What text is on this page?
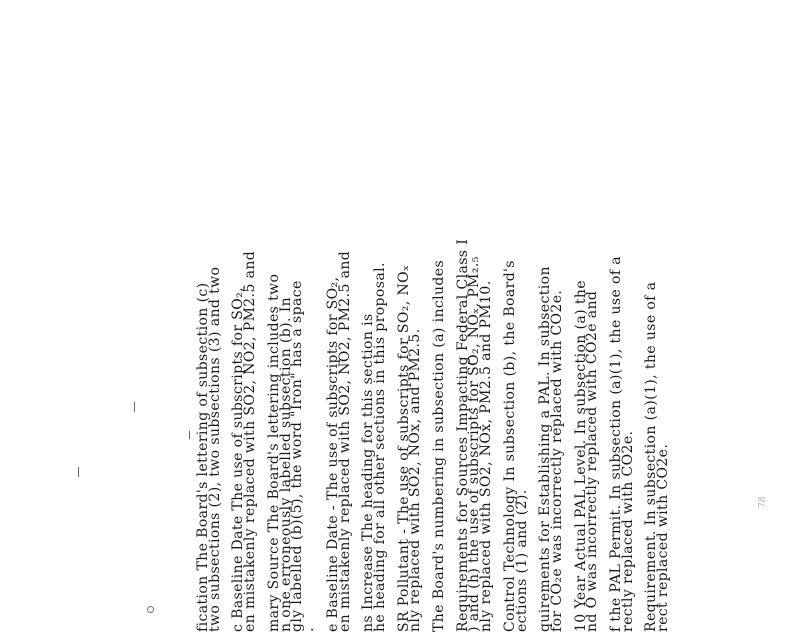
78
fication The Board's lettering of subsection (c)
two subsections (2), two subsections (3) and two c Baseline Date The use of subscripts for SO₂,
en mistakenly replaced with SO2, NO2, PM2.5 and mary Source The Board's lettering includes two
n one erroneously labelled subsection (b). In
gly labelled (b)(5), the word "Iron" has a space
. e Baseline Date - The use of subscripts for SO₂,
en mistakenly replaced with SO2, NO2, PM2.5 and ns Increase The heading for this section is
he heading for all other sections in this proposal. SR Pollutant - The use of subscripts for SO₂, NOₓ
nly replaced with SO2, NOx, and PM2.5. The Board's numbering in subsection (a) includes Requirements for Sources Impacting Federal Class I
) and (h) the use of subscripts for SO₂, NOₓ, PM₂.₅
nly replaced with SO2, NOx, PM2.5 and PM10. Control Technology In subsection (b), the Board's
ections (1) and (2). quirements for Establishing a PAL. In subsection
for CO₂e was incorrectly replaced with CO2e. 10 Year Actual PAL Level. In subsection (a) the
nd O was incorrectly replaced with CO2e and f the PAL Permit. In subsection (a)(1), the use of a
rectly replaced with CO2e. Requirement. In subsection (a)(1), the use of a
rect replaced with CO2e.
